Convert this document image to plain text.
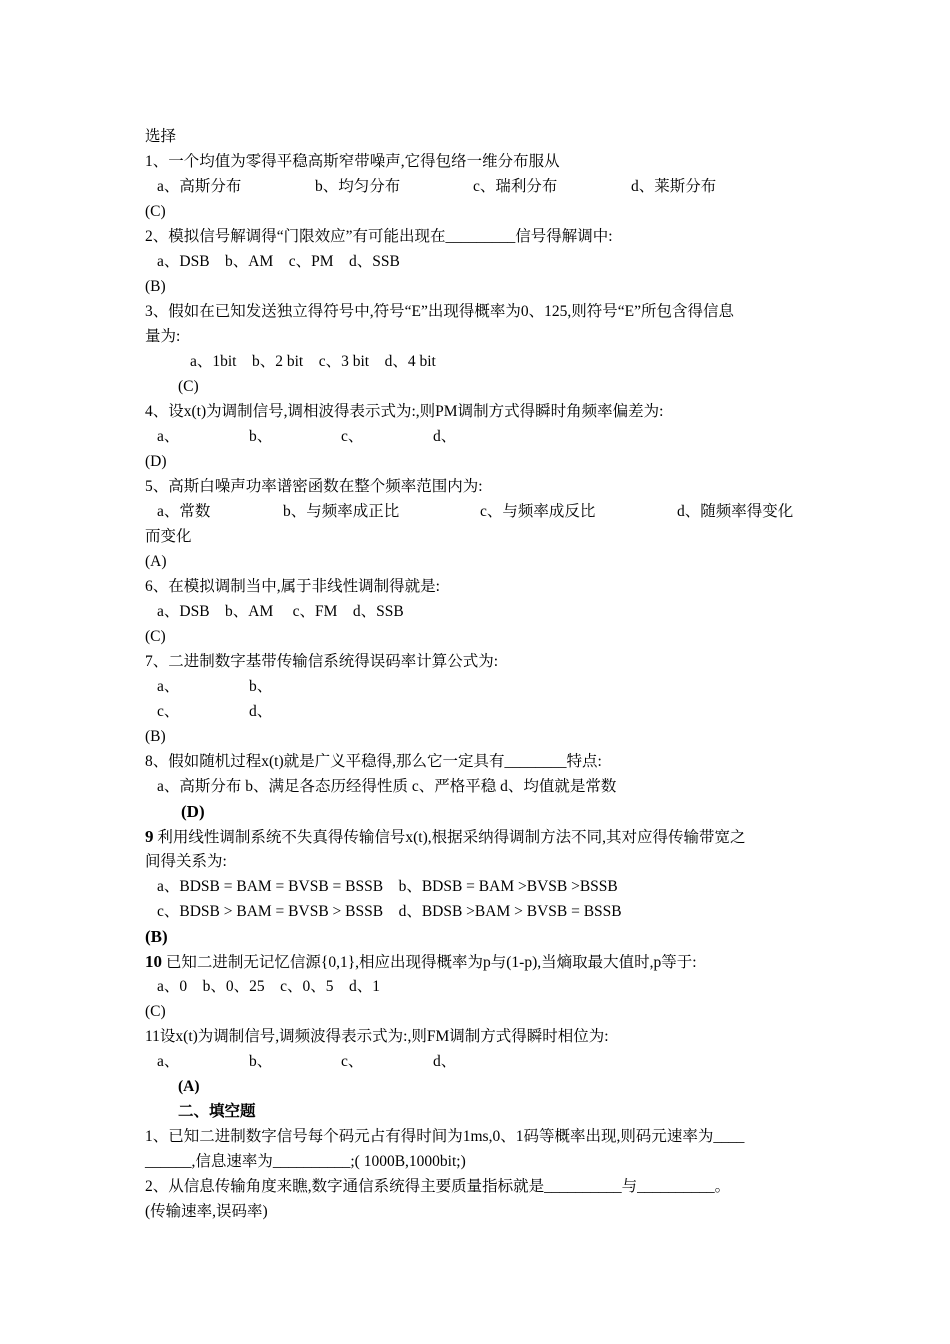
选择
1、一个均值为零得平稳高斯窄带噪声,它得包络一维分布服从
a、高斯分布	b、均匀分布	c、瑞利分布	d、莱斯分布
(C)
2、模拟信号解调得“门限效应”有可能出现在_________信号得解调中:
a、DSB    b、AM    c、PM    d、SSB
(B)
3、假如在已知发送独立得符号中,符号“E”出现得概率为0、125,则符号“E”所包含得信息
量为:
a、1bit    b、2 bit    c、3 bit    d、4 bit
(C)
4、设x(t)为调制信号,调相波得表示式为:,则PM调制方式得瞬时角频率偏差为:
a、	b、	c、	d、
(D)
5、高斯白噪声功率谱密函数在整个频率范围内为:
a、常数	b、与频率成正比	c、与频率成反比	d、随频率得变化
而变化
(A)
6、在模拟调制当中,属于非线性调制得就是:
a、DSB    b、AM     c、FM    d、SSB
(C)
7、二进制数字基带传输信系统得误码率计算公式为:
a、	b、
c、	d、
(B)
8、假如随机过程x(t)就是广义平稳得,那么它一定具有________特点:
a、高斯分布 b、满足各态历经得性质 c、严格平稳 d、均值就是常数
(D)
9 利用线性调制系统不失真得传输信号x(t),根据采纳得调制方法不同,其对应得传输带宽之
间得关系为:
a、BDSB = BAM = BVSB = BSSB    b、BDSB = BAM >BVSB >BSSB
c、BDSB > BAM = BVSB > BSSB    d、BDSB >BAM > BVSB = BSSB
(B)
10 已知二进制无记忆信源{0,1},相应出现得概率为p与(1-p),当熵取最大值时,p等于:
a、0    b、0、25    c、0、5    d、1
(C)
11设x(t)为调制信号,调频波得表示式为:,则FM调制方式得瞬时相位为:
a、	b、	c、	d、
(A)
二、填空题
1、已知二进制数字信号每个码元占有得时间为1ms,0、1码等概率出现,则码元速率为____
______,信息速率为__________;( 1000B,1000bit;)
2、从信息传输角度来瞧,数字通信系统得主要质量指标就是__________与__________。
(传输速率,误码率)
